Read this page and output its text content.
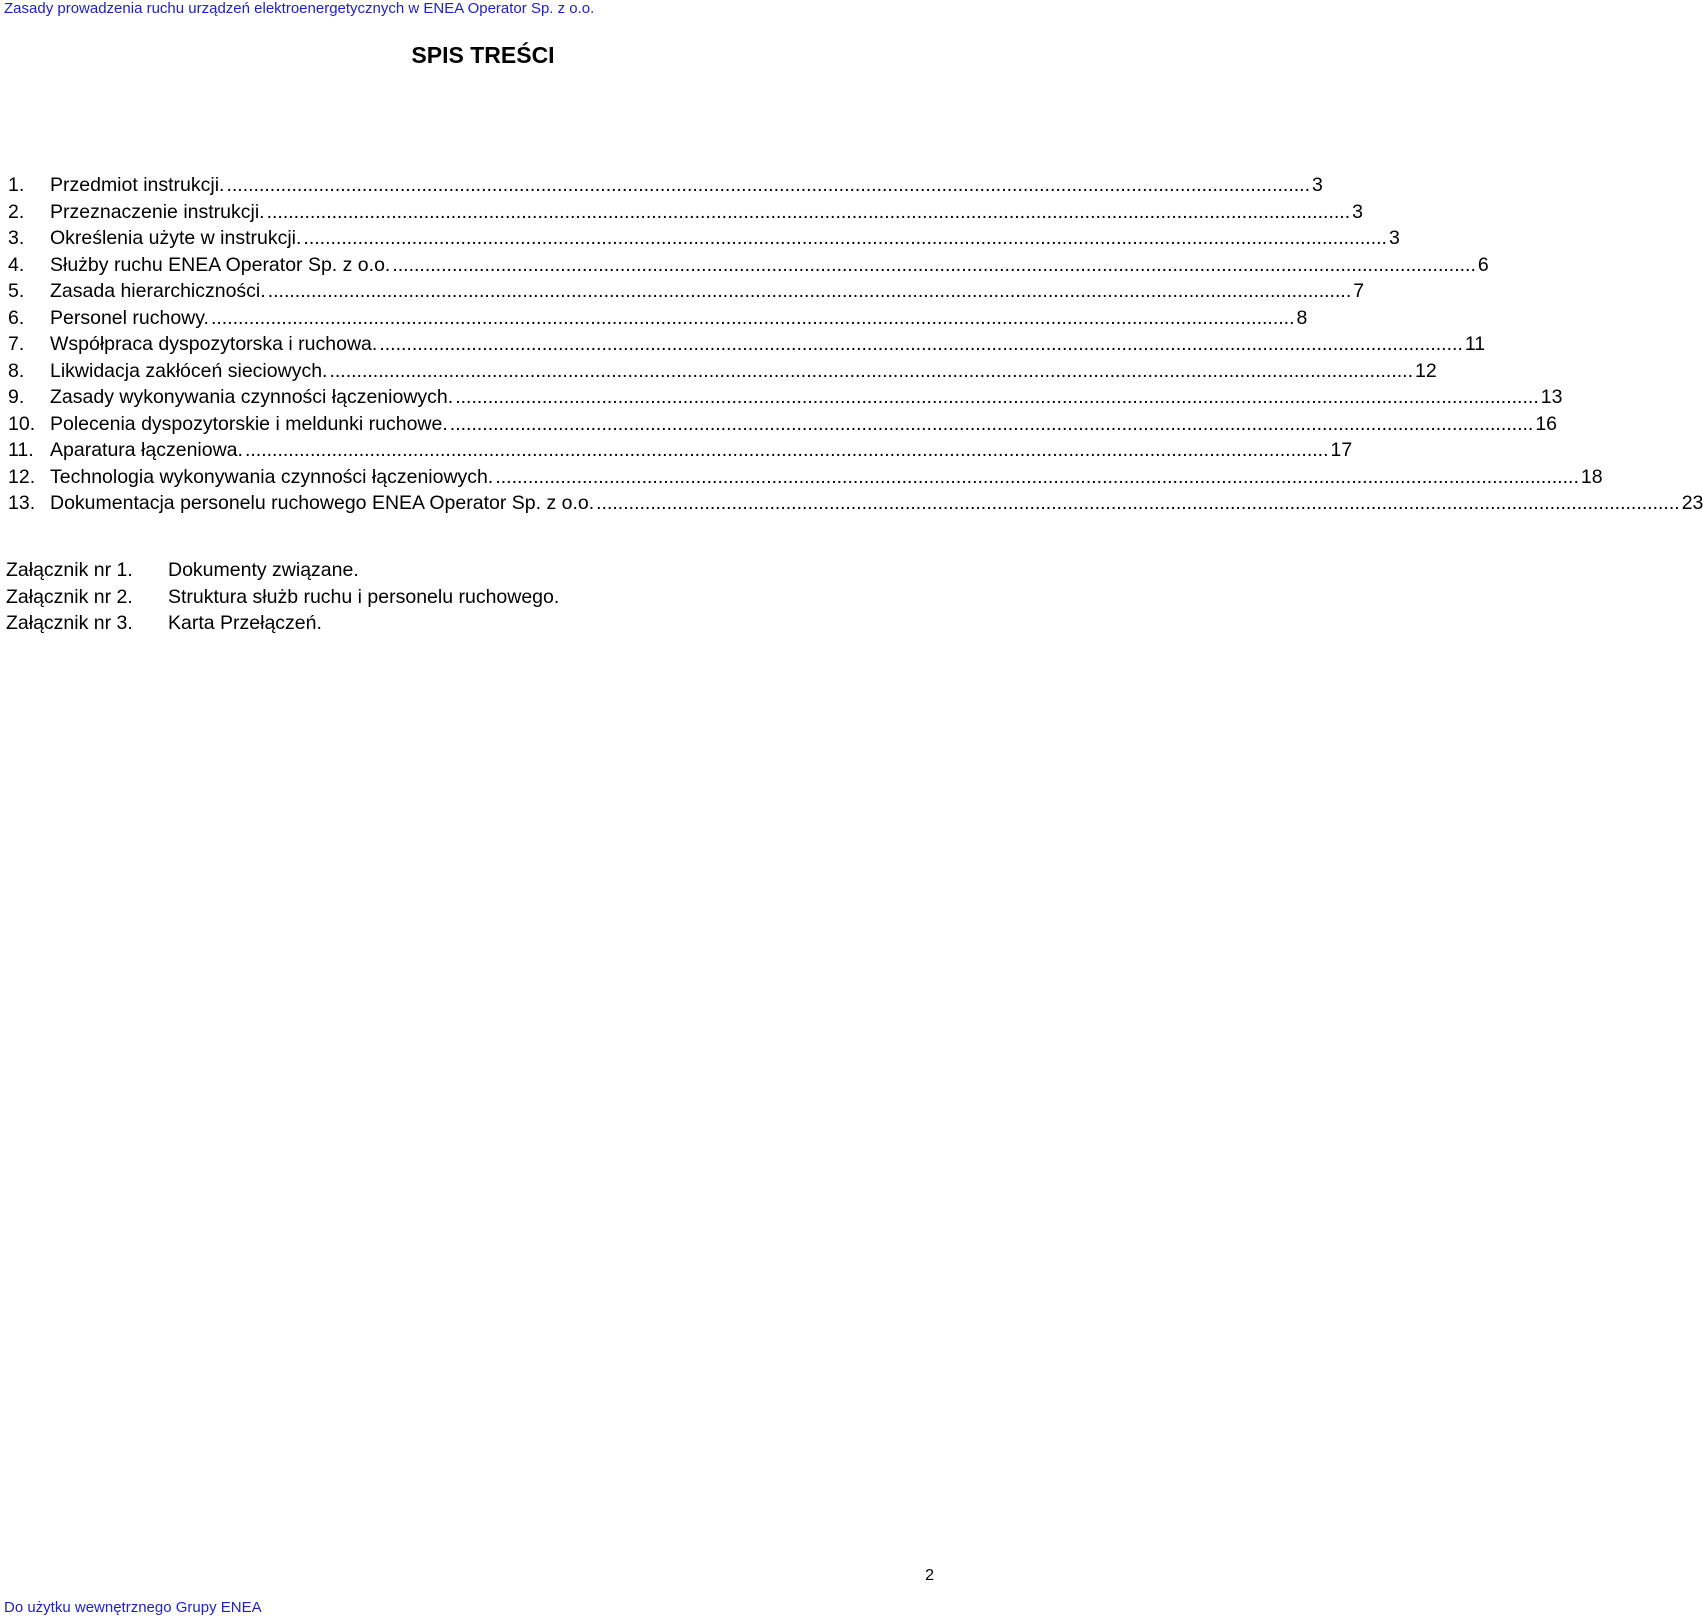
Zasady prowadzenia ruchu urządzeń elektroenergetycznych w ENEA Operator Sp. z o.o.
SPIS TREŚCI
1.	Przedmiot instrukcji. ........................................................................................................................................................................................................ 3
2.	Przeznaczenie instrukcji. ........................................................................................................................................................................................................ 3
3.	Określenia użyte w instrukcji. ........................................................................................................................................................................................................ 3
4.	Służby ruchu ENEA Operator Sp. z o.o. ........................................................................................................................................................................................................ 6
5.	Zasada hierarchiczności. ........................................................................................................................................................................................................ 7
6.	Personel ruchowy. ........................................................................................................................................................................................................ 8
7.	Współpraca dyspozytorska i ruchowa. ........................................................................................................................................................................................................ 11
8.	Likwidacja zakłóceń sieciowych. ........................................................................................................................................................................................................ 12
9.	Zasady wykonywania czynności łączeniowych. ........................................................................................................................................................................................................ 13
10. Polecenia dyspozytorskie i meldunki ruchowe. ........................................................................................................................................................................................................ 16
11. Aparatura łączeniowa. ........................................................................................................................................................................................................ 17
12. Technologia wykonywania czynności łączeniowych. ........................................................................................................................................................................................................ 18
13. Dokumentacja personelu ruchowego ENEA Operator Sp. z o.o. ........................................................................................................................................................................................................ 23
Załącznik nr 1.	Dokumenty związane.
Załącznik nr 2.	Struktura służb ruchu i personelu ruchowego.
Załącznik nr 3.	Karta Przełączeń.
2
Do użytku wewnętrznego Grupy ENEA
